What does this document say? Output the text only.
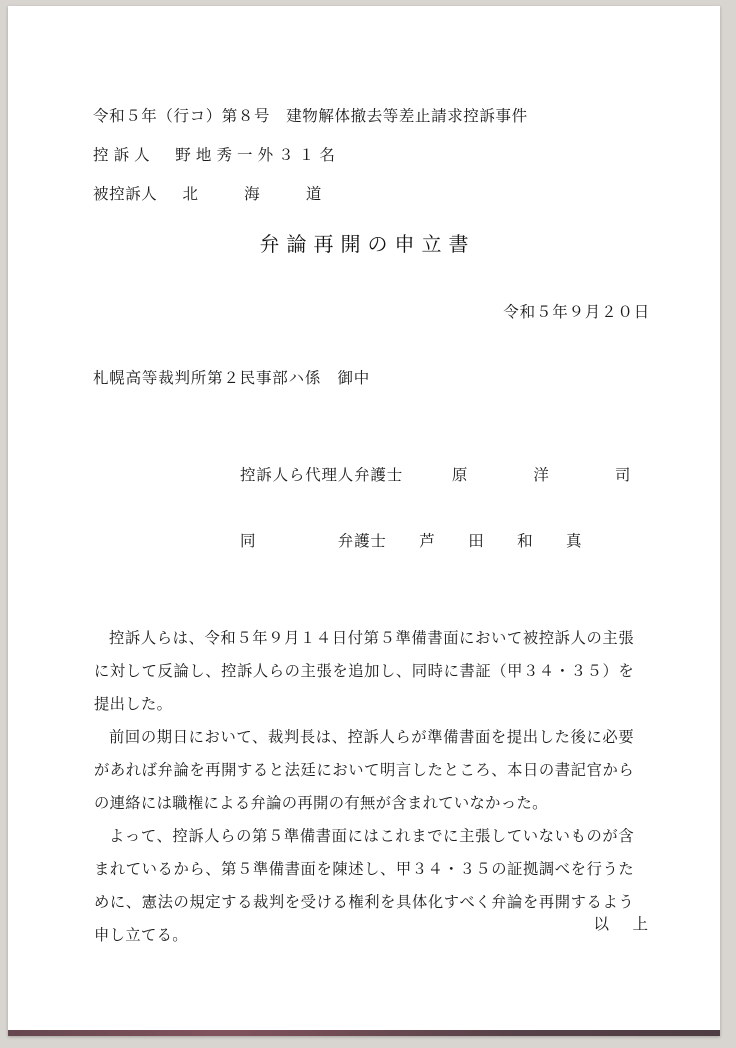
令和５年（行コ）第８号　建物解体撤去等差止請求控訴事件
控 訴 人 　 野 地 秀 一 外 ３ １ 名
被控訴人 　 北 　 　 海 　 　 道
弁論再開の申立書
令和５年９月２０日
札幌高等裁判所第２民事部ハ係　御中
控訴人ら代理人弁護士　　　原　　　　洋　　　　司
同　　　　　弁護士　　芦　　田　　和　　真

控訴人らは、令和５年９月１４日付第５準備書面において被控訴人の主張に対して反論し、控訴人らの主張を追加し、同時に書証（甲３４・３５）を提出した。

前回の期日において、裁判長は、控訴人らが準備書面を提出した後に必要があれば弁論を再開すると法廷において明言したところ、本日の書記官からの連絡には職権による弁論の再開の有無が含まれていなかった。

よって、控訴人らの第５準備書面にはこれまでに主張していないものが含まれているから、第５準備書面を陳述し、甲３４・３５の証拠調べを行うために、憲法の規定する裁判を受ける権利を具体化すべく弁論を再開するよう申し立てる。

以　上
